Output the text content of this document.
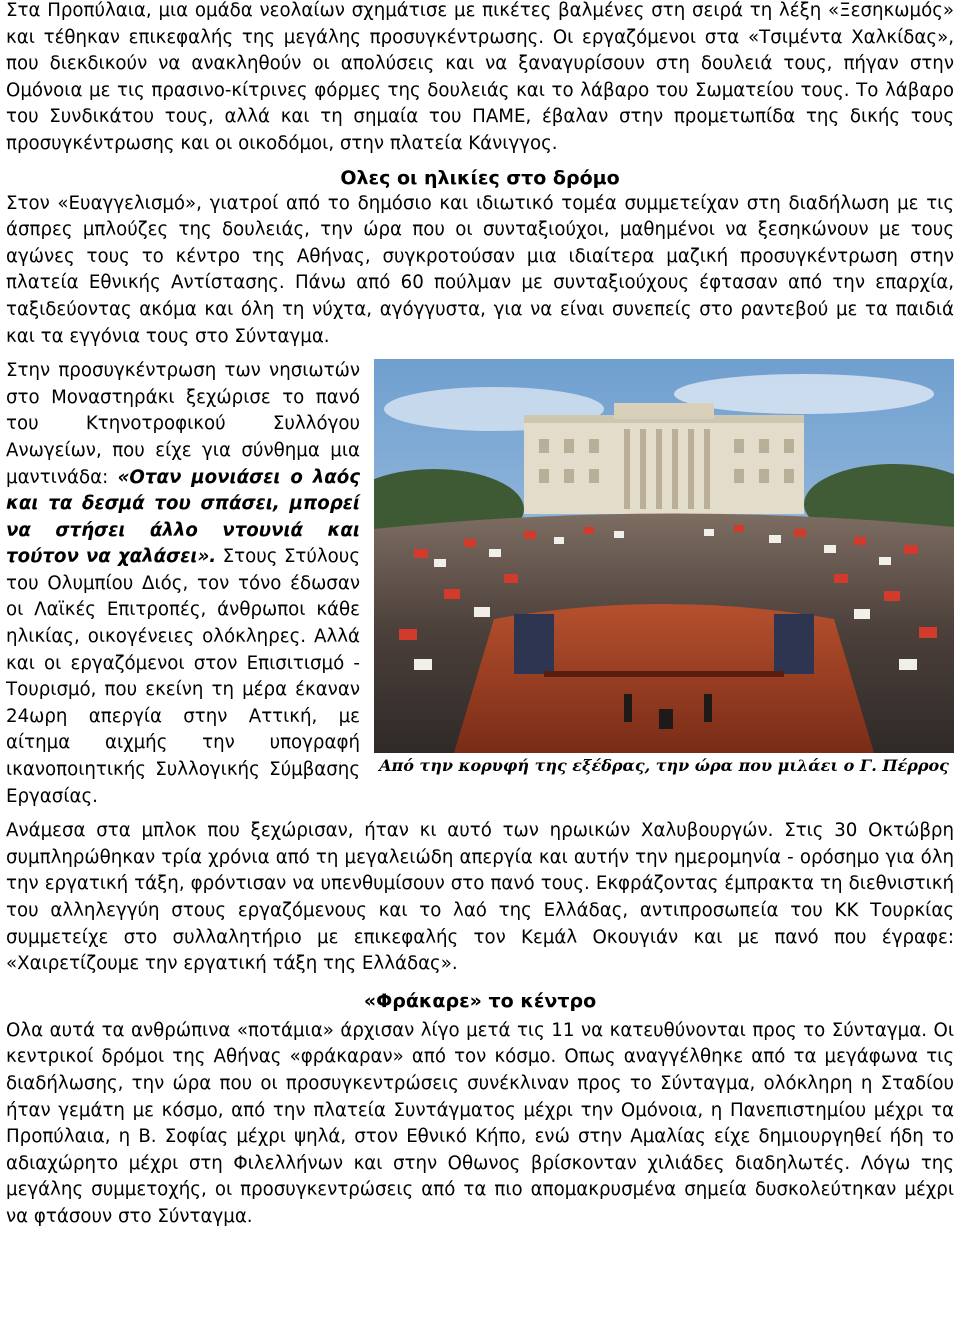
Στα Προπύλαια, μια ομάδα νεολαίων σχημάτισε με πικέτες βαλμένες στη σειρά τη λέξη «Ξεσηκωμός» και τέθηκαν επικεφαλής της μεγάλης προσυγκέντρωσης. Οι εργαζόμενοι στα «Τσιμέντα Χαλκίδας», που διεκδικούν να ανακληθούν οι απολύσεις και να ξαναγυρίσουν στη δουλειά τους, πήγαν στην Ομόνοια με τις πρασινο-κίτρινες φόρμες της δουλειάς και το λάβαρο του Σωματείου τους. Το λάβαρο του Συνδικάτου τους, αλλά και τη σημαία του ΠΑΜΕ, έβαλαν στην προμετωπίδα της δικής τους προσυγκέντρωσης και οι οικοδόμοι, στην πλατεία Κάνιγγος.

Ολες οι ηλικίες στο δρόμο

Στον «Ευαγγελισμό», γιατροί από το δημόσιο και ιδιωτικό τομέα συμμετείχαν στη διαδήλωση με τις άσπρες μπλούζες της δουλειάς, την ώρα που οι συνταξιούχοι, μαθημένοι να ξεσηκώνουν με τους αγώνες τους το κέντρο της Αθήνας, συγκροτούσαν μια ιδιαίτερα μαζική προσυγκέντρωση στην πλατεία Εθνικής Αντίστασης. Πάνω από 60 πούλμαν με συνταξιούχους έφτασαν από την επαρχία, ταξιδεύοντας ακόμα και όλη τη νύχτα, αγόγγυστα, για να είναι συνεπείς στο ραντεβού με τα παιδιά και τα εγγόνια τους στο Σύνταγμα.

Από την κορυφή της εξέδρας, την ώρα που μιλάει ο Γ. Πέρρος

Στην προσυγκέντρωση των νησιωτών στο Μοναστηράκι ξεχώρισε το πανό του Κτηνοτροφικού Συλλόγου Ανωγείων, που είχε για σύνθημα μια μαντινάδα: «Οταν μονιάσει ο λαός και τα δεσμά του σπάσει, μπορεί να στήσει άλλο ντουνιά και τούτον να χαλάσει». Στους Στύλους του Ολυμπίου Διός, τον τόνο έδωσαν οι Λαϊκές Επιτροπές, άνθρωποι κάθε ηλικίας, οικογένειες ολόκληρες. Αλλά και οι εργαζόμενοι στον Επισιτισμό - Τουρισμό, που εκείνη τη μέρα έκαναν 24ωρη απεργία στην Αττική, με αίτημα αιχμής την υπογραφή ικανοποιητικής Συλλογικής Σύμβασης Εργασίας.

Ανάμεσα στα μπλοκ που ξεχώρισαν, ήταν κι αυτό των ηρωικών Χαλυβουργών. Στις 30 Οκτώβρη συμπληρώθηκαν τρία χρόνια από τη μεγαλειώδη απεργία και αυτήν την ημερομηνία - ορόσημο για όλη την εργατική τάξη, φρόντισαν να υπενθυμίσουν στο πανό τους. Εκφράζοντας έμπρακτα τη διεθνιστική του αλληλεγγύη στους εργαζόμενους και το λαό της Ελλάδας, αντιπροσωπεία του ΚΚ Τουρκίας συμμετείχε στο συλλαλητήριο με επικεφαλής τον Κεμάλ Οκουγιάν και με πανό που έγραφε: «Χαιρετίζουμε την εργατική τάξη της Ελλάδας».

«Φράκαρε» το κέντρο

Ολα αυτά τα ανθρώπινα «ποτάμια» άρχισαν λίγο μετά τις 11 να κατευθύνονται προς το Σύνταγμα. Οι κεντρικοί δρόμοι της Αθήνας «φράκαραν» από τον κόσμο. Οπως αναγγέλθηκε από τα μεγάφωνα τις διαδήλωσης, την ώρα που οι προσυγκεντρώσεις συνέκλιναν προς το Σύνταγμα, ολόκληρη η Σταδίου ήταν γεμάτη με κόσμο, από την πλατεία Συντάγματος μέχρι την Ομόνοια, η Πανεπιστημίου μέχρι τα Προπύλαια, η Β. Σοφίας μέχρι ψηλά, στον Εθνικό Κήπο, ενώ στην Αμαλίας είχε δημιουργηθεί ήδη το αδιαχώρητο μέχρι στη Φιλελλήνων και στην Οθωνος βρίσκονταν χιλιάδες διαδηλωτές. Λόγω της μεγάλης συμμετοχής, οι προσυγκεντρώσεις από τα πιο απομακρυσμένα σημεία δυσκολεύτηκαν μέχρι να φτάσουν στο Σύνταγμα.
